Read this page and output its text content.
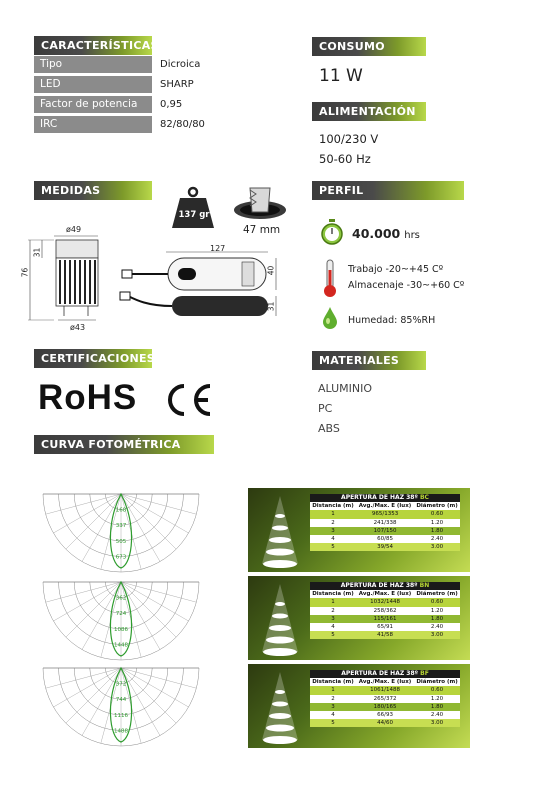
CARACTERÍSTICAS
Tipo	Dicroica
LED	SHARP
Factor de potencia	0,95
IRC	82/80/80
CONSUMO
11 W
ALIMENTACIÓN
100/230 V
50-60 Hz
MEDIDAS
137 gr
47 mm
ø49
ø43
31
76
127
40
31
PERFIL MEDIOAMBIENTAL
40.000 hrs
Trabajo -20~+45 Cº
Almacenaje -30~+60 Cº
Humedad: 85%RH
CERTIFICACIONES
RoHS
MATERIALES
ALUMINIO
PC
ABS
CURVA FOTOMÉTRICA
168
337
505
673
362
724
1086
1448
372
744
1116
1488
APERTURA DE HAZ 38º BC		
Distancia (m)	Avg./Max. E (lux)	Diámetro (m)
1	965/1353	0.60
2	241/338	1.20
3	107/150	1.80
4	60/85	2.40
5	39/54	3.00
APERTURA DE HAZ 38º BN		
Distancia (m)	Avg./Max. E (lux)	Diámetro (m)
1	1032/1448	0.60
2	258/362	1.20
3	115/161	1.80
4	65/91	2.40
5	41/58	3.00
APERTURA DE HAZ 38º BF		
Distancia (m)	Avg./Max. E (lux)	Diámetro (m)
1	1061/1488	0.60
2	265/372	1.20
3	180/165	1.80
4	66/93	2.40
5	44/60	3.00
